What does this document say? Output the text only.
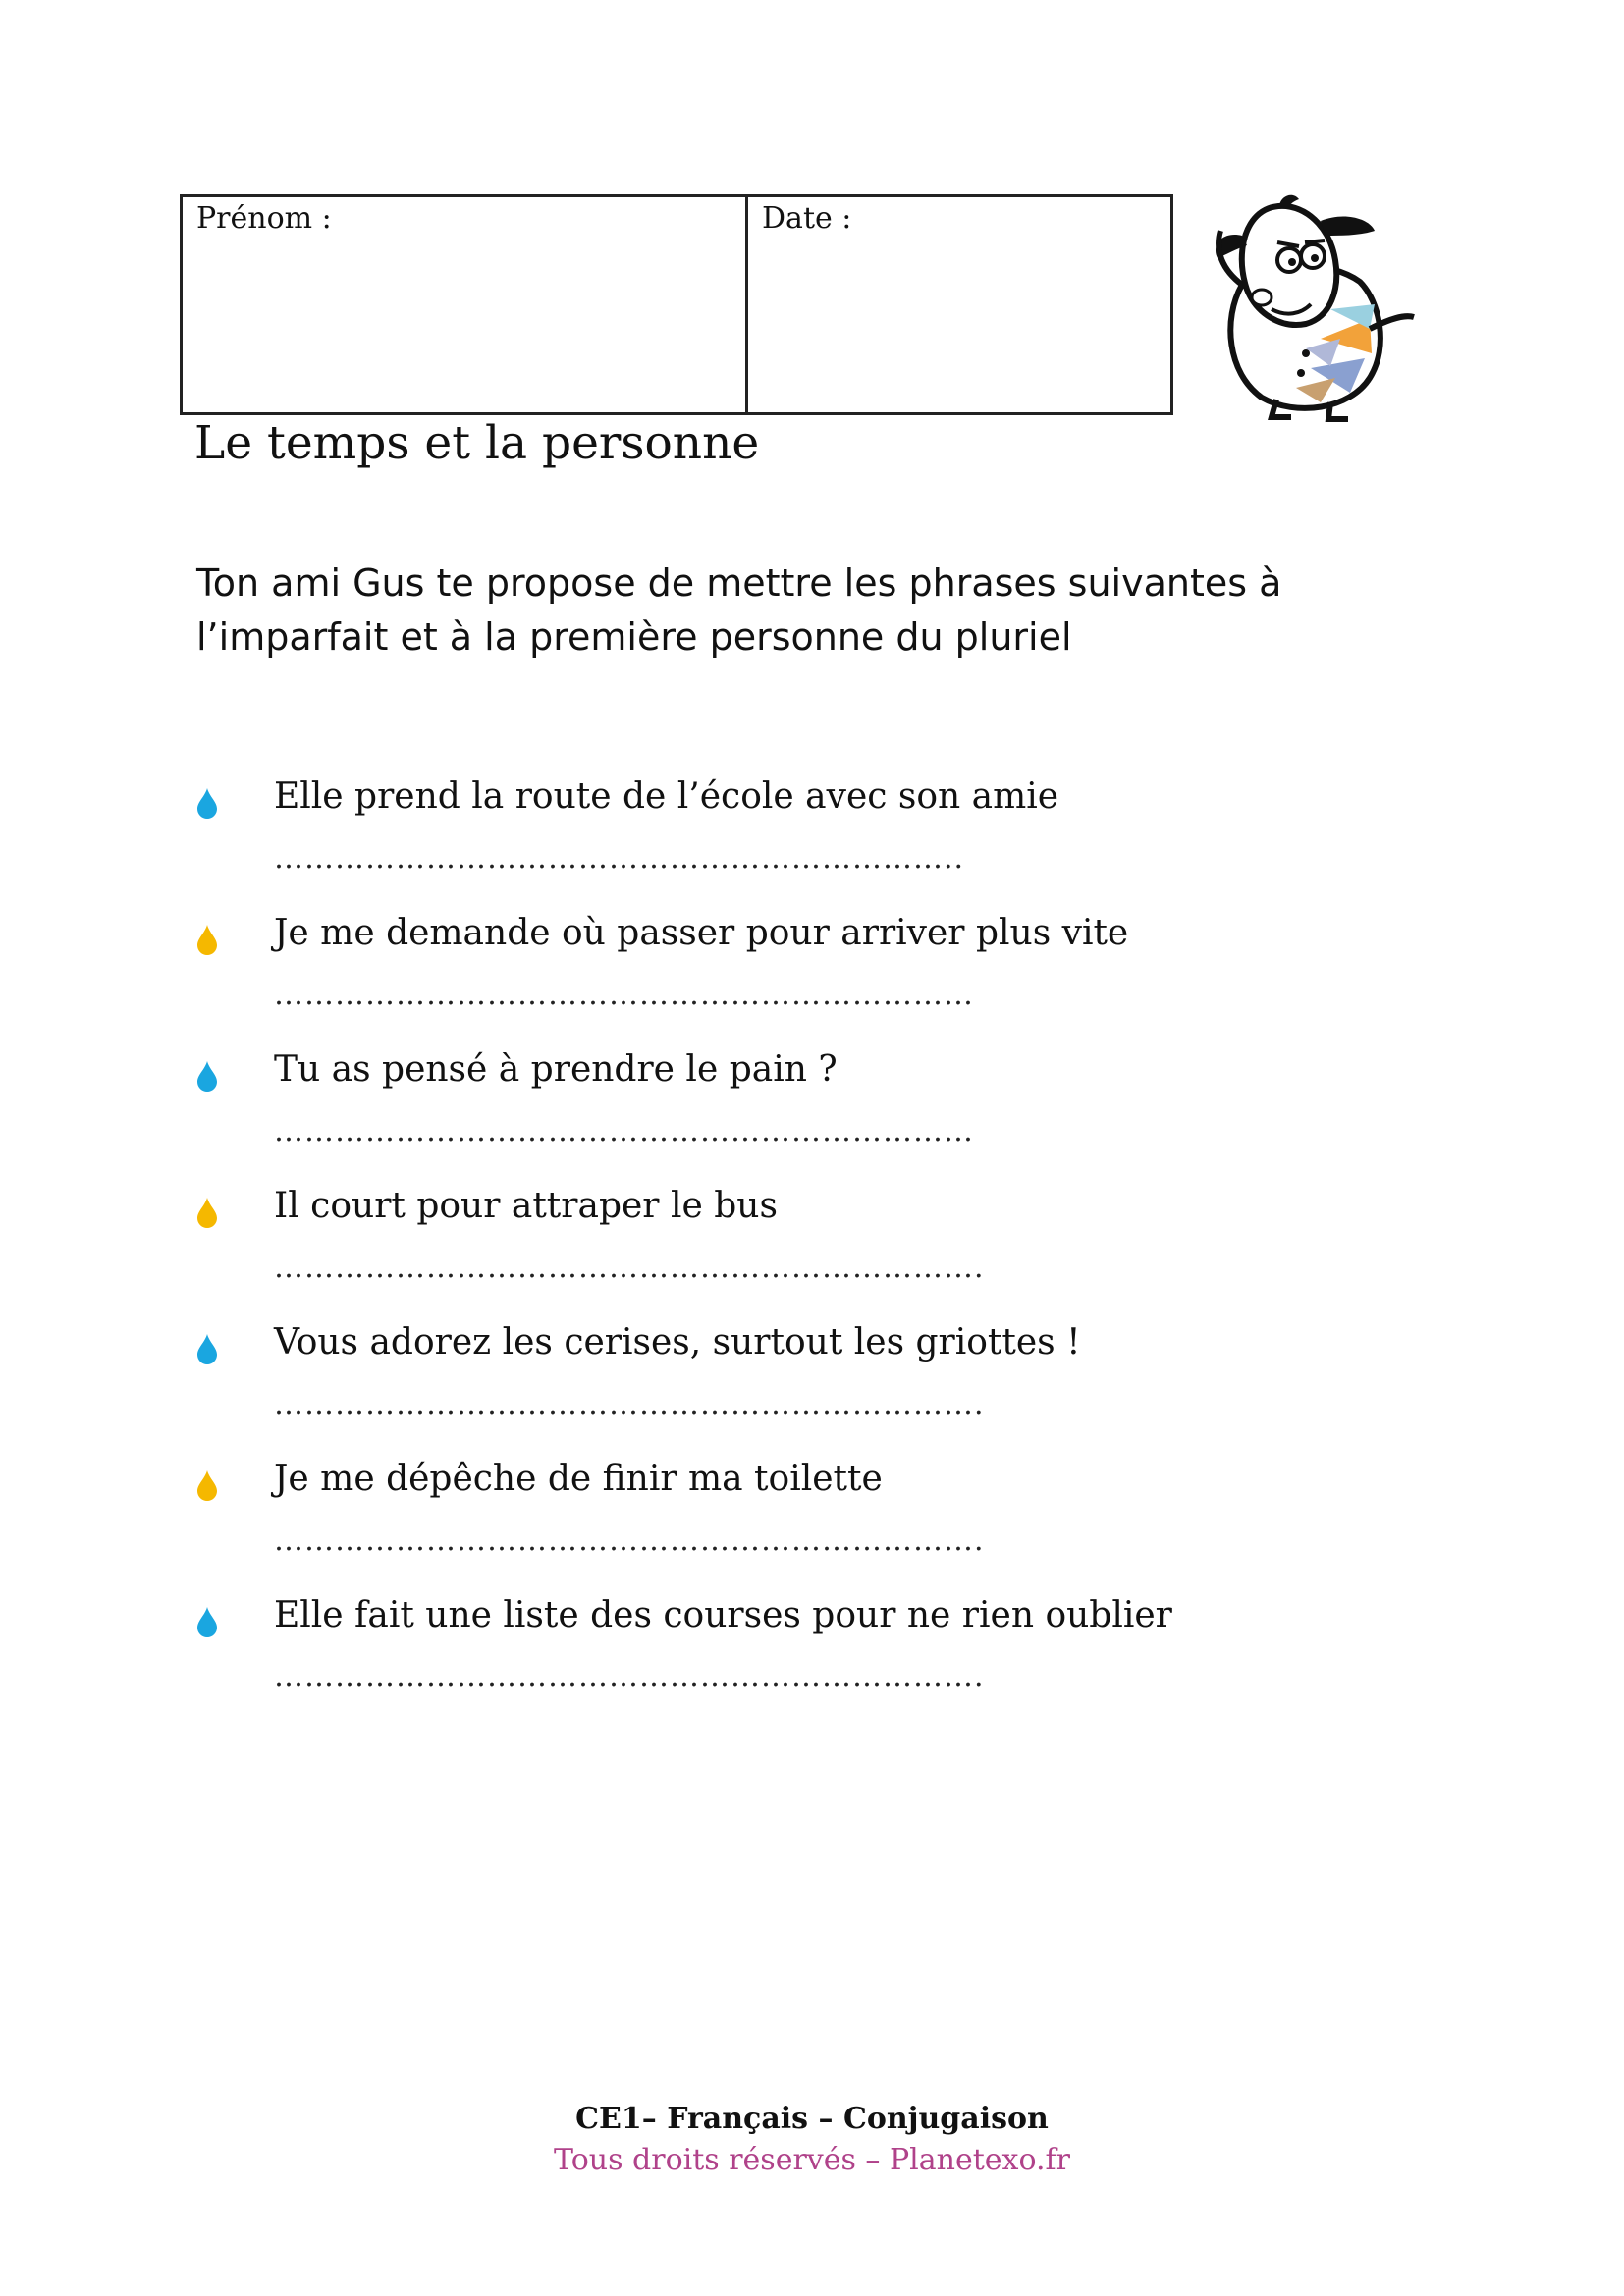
Prénom :	Date :
Le temps et la personne
Ton ami Gus te propose de mettre les phrases suivantes à l’imparfait et à la première personne du pluriel
Elle prend la route de l’école avec son amie
…………………………………………………………..
Je me demande où passer pour arriver plus vite
……………………………………………………………
Tu as pensé à prendre le pain ?
……………………………………………………………
Il court pour attraper le bus
…………………………………………………………….
Vous adorez les cerises, surtout les griottes !
…………………………………………………………….
Je me dépêche de finir ma toilette
…………………………………………………………….
Elle fait une liste des courses pour ne rien oublier
…………………………………………………………….
CE1– Français – Conjugaison
Tous droits réservés – Planetexo.fr
